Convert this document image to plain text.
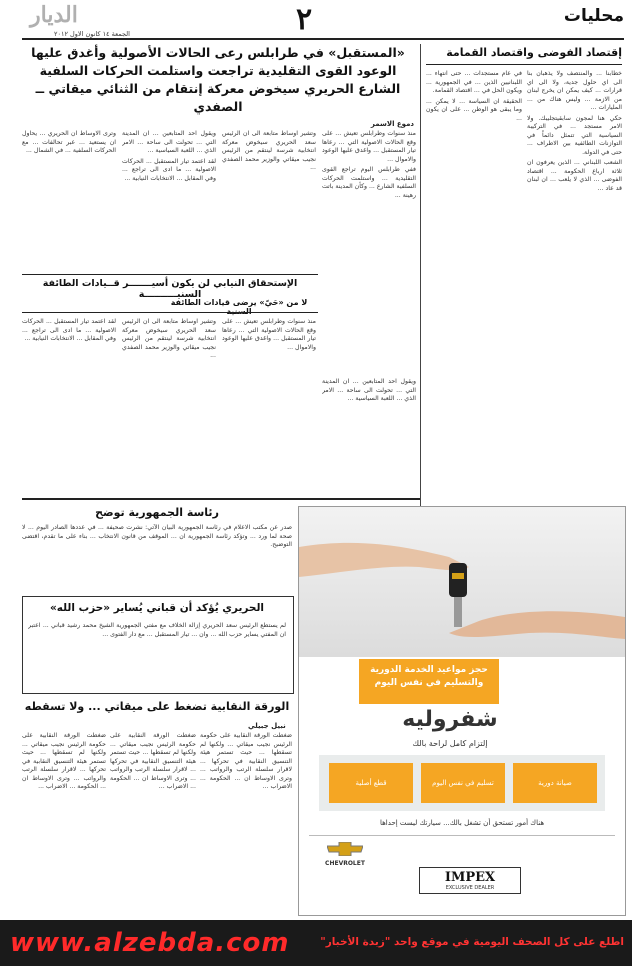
محليات
الجمعة ١٤ كانون الاول ٢٠١٢	٢
الديار
إقتصاد الفوضى واقتصاد القمامة

خطابنا ... والمنتصف ولا يذهبان بنا الى اي حلول جدية، ولا الى اي قرارات ... كيف يمكن ان يخرج لبنان من الازمة ... وليس هناك من ... المليارات ...

حكي هنا لمجون سابقيتجليبك. ولا الامر مستجد ... في التركيبة السياسية التي تتمثل دائماً في التوازنات الطائفية بين الاطراف ... حتى في الدولة.

الشعب اللبناني ... الذين يعرفون ان ثلاثة ارباع الحكومة ... اقتصاد الفوضى ... الذي لا يلعب ... ان لبنان قد عاد ...

في عام مستجدات ... حتى انتهاء ... اللبنانيين الذين ... في الجمهورية ... ويكون الحل في ... اقتصاد القمامة.

الحقيقة ان السياسة ... لا يمكن ... وما يبقى هو الوطن ... على ان يكون ...

«المستقبل» في طرابلس رعى الحالات الأصولية وأغدق عليها الوعود القوى التقليدية تراجعت واستلمت الحركات السلفية الشارع الحريري سيخوض معركة إنتقام من الثنائي ميقاتي ــ الصفدي
دموع الاسمر

منذ سنوات وطرابلس تعيش ... على وقع الحالات الاصولية التي ... رعاها تيار المستقبل ... واغدق عليها الوعود والاموال ...

ففي طرابلس اليوم تراجع القوى التقليدية ... واستلمت الحركات السلفية الشارع ... وكأن المدينة باتت رهينة ...

وتشير اوساط متابعة الى ان الرئيس سعد الحريري سيخوض معركة انتخابية شرسة لينتقم من الرئيس نجيب ميقاتي والوزير محمد الصفدي ...

ويقول احد المتابعين ... ان المدينة التي ... تحولت الى ساحة ... الامر الذي ... اللعبة السياسية ...

لقد اعتمد تيار المستقبل ... الحركات الاصولية ... ما ادى الى تراجع ... وفي المقابل ... الانتخابات النيابية ...

وترى الاوساط ان الحريري ... يحاول ان يستعيد ... عبر تحالفات ... مع الحركات السلفية ... في الشمال ...

الإستحقاق النيابي لن يكون أسيـــــــر قــيادات الطائفة السنيــــــــــة
لا من «حَيّ» يرضى قيادات الطائفة

منذ سنوات وطرابلس تعيش ... على وقع الحالات الاصولية التي ... رعاها تيار المستقبل ... واغدق عليها الوعود والاموال ...

وتشير اوساط متابعة الى ان الرئيس سعد الحريري سيخوض معركة انتخابية شرسة لينتقم من الرئيس نجيب ميقاتي والوزير محمد الصفدي ...

لقد اعتمد تيار المستقبل ... الحركات الاصولية ... ما ادى الى تراجع ... وفي المقابل ... الانتخابات النيابية ...

ويقول احد المتابعين ... ان المدينة التي ... تحولت الى ساحة ... الامر الذي ... اللعبة السياسية ...

رئاسة الجمهورية توضح
صدر عن مكتب الاعلام في رئاسة الجمهورية البيان الآتي: نشرت صحيفة ... في عددها الصادر اليوم ... لا صحة لما ورد ... وتؤكد رئاسة الجمهورية ان ... الموقف من قانون الانتخاب ... بناء على ما تقدم، اقتضى التوضيح.
الحريري يُؤكد أن قباني يُساير «حزب الله»
لم يستطع الرئيس سعد الحريري إزالة الخلاف مع مفتي الجمهورية الشيخ محمد رشيد قباني ... اعتبر ان المفتي يساير حزب الله ... وان ... تيار المستقبل ... مع دار الفتوى ...
الورقة النقابية تضغط على ميقاتي ... ولا تسقطه
نبيل جبيلي
ضغطت الورقة النقابية على حكومة الرئيس نجيب ميقاتي ... ولكنها لم تسقطها ... حيث تستمر هيئة التنسيق النقابية في تحركها ... لاقرار سلسلة الرتب والرواتب ... وترى الاوساط ان ... الحكومة ... الاضراب ...
ضغطت الورقة النقابية على حكومة الرئيس نجيب ميقاتي ... ولكنها لم تسقطها ... حيث تستمر هيئة التنسيق النقابية في تحركها ... لاقرار سلسلة الرتب والرواتب ... وترى الاوساط ان ... الحكومة ... الاضراب ...
ضغطت الورقة النقابية على حكومة الرئيس نجيب ميقاتي ... ولكنها لم تسقطها ... حيث تستمر هيئة التنسيق النقابية في تحركها ... لاقرار سلسلة الرتب والرواتب ... وترى الاوساط ان ... الحكومة ... الاضراب ...
حجز مواعيد الخدمة الدورية والتسليم في نفس اليوم
شفروليه
إلتزام كامل لراحة بالك
صيانة دورية
تسليم في نفس اليوم
قطع أصلية
هناك أمور تستحق أن تشغل بالك... سيارتك ليست إحداها
CHEVROLET
IMPEX
EXCLUSIVE DEALER
www.alzebda.com	اطلع على كل الصحف اليومية في موقع واحد "زبدة الأخبار"
